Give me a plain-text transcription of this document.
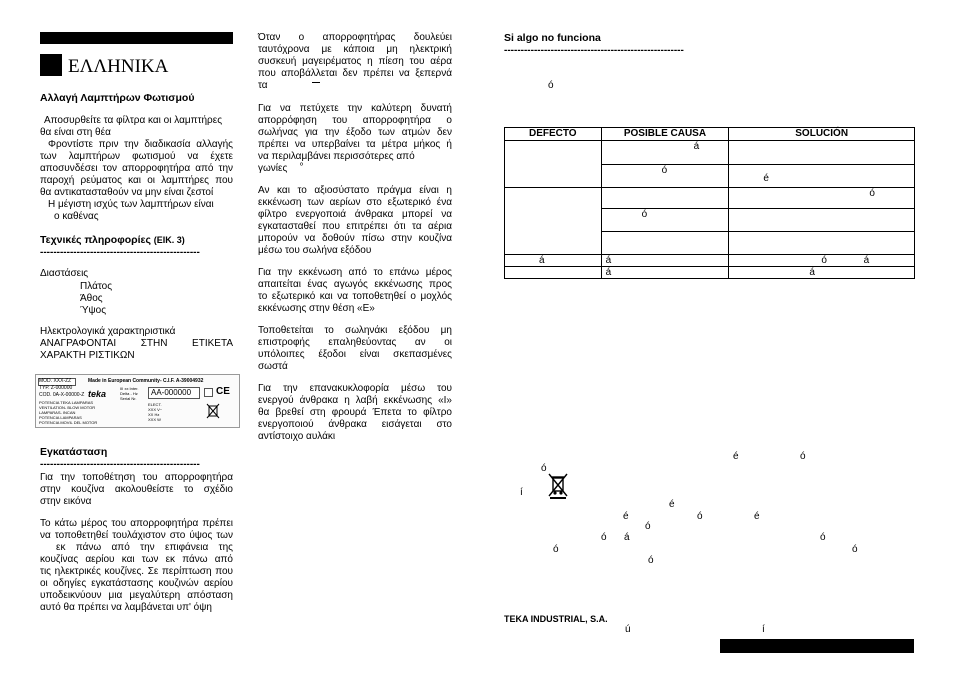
ΕΛΛΗΝΙΚΑ
Αλλαγή Λαμπτήρων Φωτισμού
Αποσυρθείτε τα φίλτρα και οι λαμπτήρες
θα είναι στη θέα
Φροντίστε πριν την διαδικασία αλλαγής
των λαμπτήρων φωτισμού να έχετε
αποσυνδέσει τον απορροφητήρα από την
παροχή ρεύματος και οι λαμπτήρες που
θα αντικατασταθούν να μην είναι ζεστοί
Η μέγιστη ισχύς των λαμπτήρων είναι
ο καθένας
Τεχνικές πληροφορίες (EIK. 3)
------------------------------------------------
Διαστάσεις
Πλάτος
Άθος
Ύψος
Ηλεκτρολογικά χαρακτηριστικά
ΑΝΑΓΡΑΦΟΝΤΑΙ ΣΤΗΝ ΕΤΙΚΕΤΑ
ΧΑΡΑΚΤΗ ΡΙΣΤΙΚΩΝ
MOD. XXX-ZZ
TYP. Z-000000
COD. 0A-X-00000-Z
POTENCIA TEKA LAMPARAS
VENTILATION- BLOW MOTOR
LAMPARAS- INCAN
POTENCIA LAMPARAS
POTENCIA MOVIL DEL MOTOR
Made in European Community- C.I.F. A-39004932
teka
III xx Inter.
Delta - Hz
Serial Nr.
AA-000000 CE
ELECT.
XXX V~
XX Hz
XXX W
Εγκατάσταση
------------------------------------------------
Για την τοποθέτηση του απορροφητήρα
στην κουζίνα ακολουθείστε το σχέδιο
στην εικόνα
Το κάτω μέρος του απορροφητήρα πρέπει
να τοποθετηθεί τουλάχιστον στο ύψος των
εκ πάνω από την επιφάνεια της
κουζίνας αερίου και των εκ πάνω από
τις ηλεκτρικές κουζίνες. Σε περίπτωση που
οι οδηγίες εγκατάστασης κουζινών αερίου
υποδεικνύουν μια μεγαλύτερη απόσταση
αυτό θα πρέπει να λαμβάνεται υπ' όψη
Όταν ο απορροφητήρας δουλεύει
ταυτόχρονα με κάποια μη ηλεκτρική
συσκευή μαγειρέματος η πίεση του αέρα
που αποβάλλεται δεν πρέπει να ξεπερνά
τα
Για να πετύχετε την καλύτερη δυνατή
απορρόφηση του απορροφητήρα ο
σωλήνας για την έξοδο των ατμών δεν
πρέπει να υπερβαίνει τα μέτρα μήκος ή
να περιλαμβάνει περισσότερες από
γωνίες º
Αν και το αξιοσύστατο πράγμα είναι η
εκκένωση των αερίων στο εξωτερικό ένα
φίλτρο ενεργοποιά άνθρακα μπορεί να
εγκατασταθεί που επιτρέπει ότι τα αέρια
μπορούν να δοθούν πίσω στην κουζίνα
μέσω του σωλήνα εξόδου
Για την εκκένωση από το επάνω μέρος
απαιτείται ένας αγωγός εκκένωσης προς
το εξωτερικό και να τοποθετηθεί ο μοχλός
εκκένωσης στην θέση «E»
Τοποθετείται το σωληνάκι εξόδου μη
επιστροφής επαληθεύοντας αν οι
υπόλοιπες έξοδοι είναι σκεπασμένες
σωστά
Για την επανακυκλοφορία μέσω του
ενεργού άνθρακα η λαβή εκκένωσης «I»
θα βρεθεί στη φρουρά Έπετα το φίλτρο
ενεργοποιού άνθρακα εισάγεται στο
αντίστοιχο αυλάκι
Si algo no funciona
------------------------------------------------------
ó
DEFECTO	POSIBLE CAUSA	SOLUCIÓN
	á	
	ó	é
		ó
	ó	

á	á	ó á
	á	á
é	ó
ó
í
é
é	ó	é
ó
ó á	ó
ó	ó
ó
TEKA INDUSTRIAL, S.A.
ú	í
